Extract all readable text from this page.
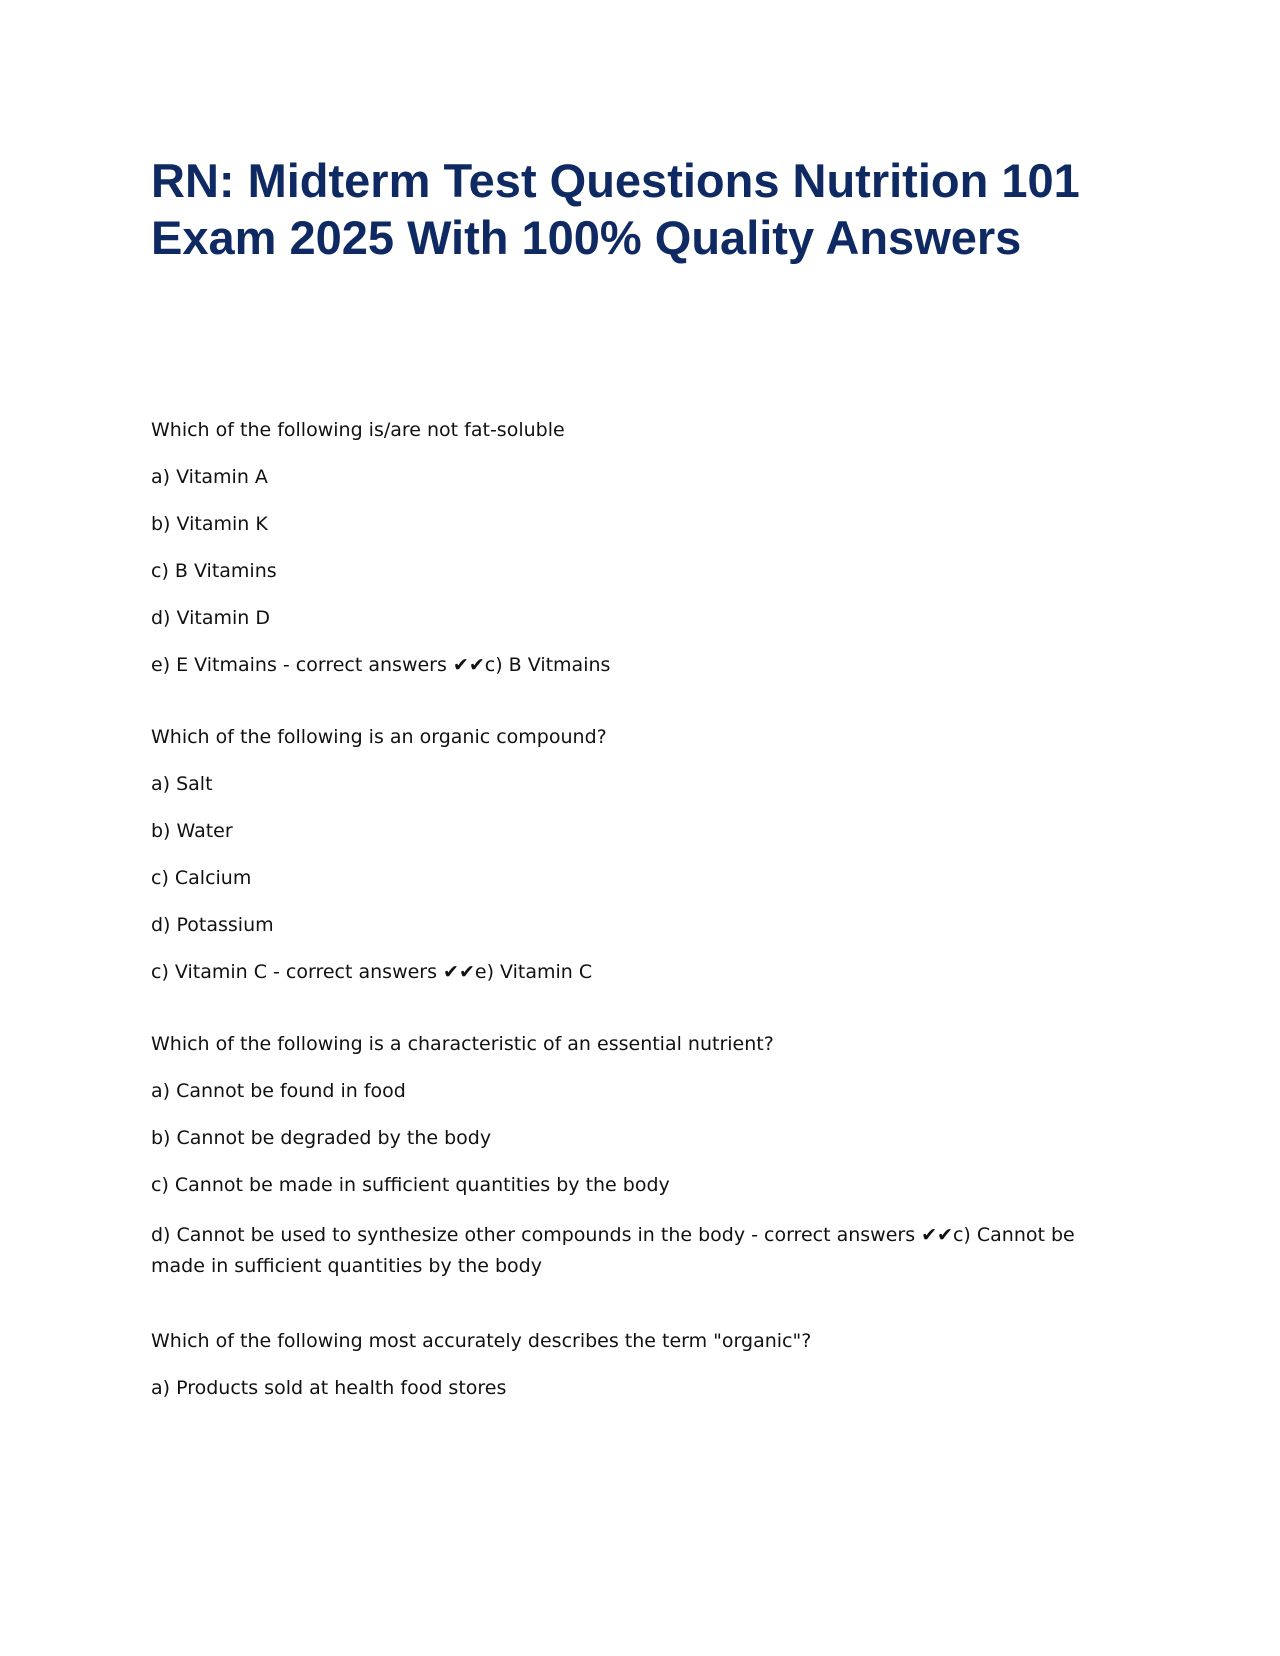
RN: Midterm Test Questions Nutrition 101 Exam 2025 With 100% Quality Answers

Which of the following is/are not fat-soluble

a) Vitamin A

b) Vitamin K

c) B Vitamins

d) Vitamin D

e) E Vitmains - correct answers ✔✔c) B Vitmains

Which of the following is an organic compound?

a) Salt

b) Water

c) Calcium

d) Potassium

c) Vitamin C - correct answers ✔✔e) Vitamin C

Which of the following is a characteristic of an essential nutrient?

a) Cannot be found in food

b) Cannot be degraded by the body

c) Cannot be made in sufficient quantities by the body

d) Cannot be used to synthesize other compounds in the body - correct answers ✔✔c) Cannot be made in sufficient quantities by the body

Which of the following most accurately describes the term "organic"?

a) Products sold at health food stores
